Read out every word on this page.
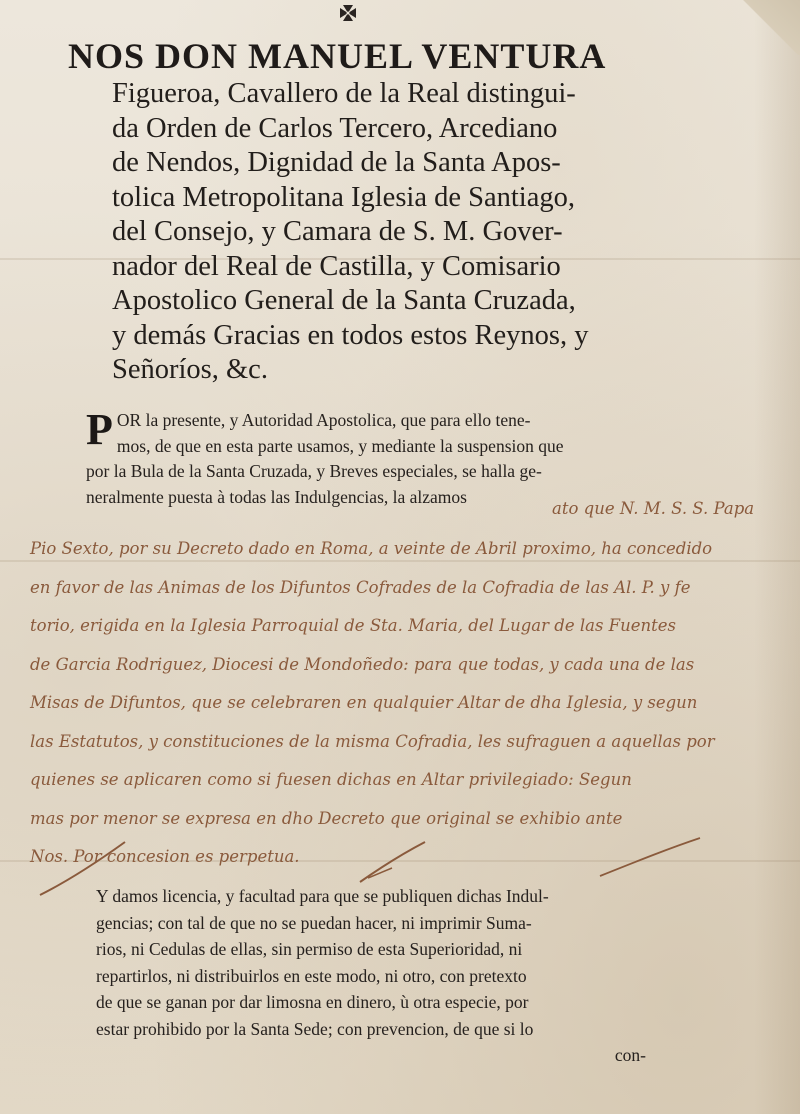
NOS DON MANUEL VENTURA
Figueroa, Cavallero de la Real distingui-
da Orden de Carlos Tercero, Arcediano
de Nendos, Dignidad de la Santa Apos-
tolica Metropolitana Iglesia de Santiago,
del Consejo, y Camara de S. M. Gover-
nador del Real de Castilla, y Comisario
Apostolico General de la Santa Cruzada,
y demás Gracias en todos estos Reynos, y
Señoríos, &c.
P OR la presente, y Autoridad Apostolica, que para ello tene-
mos, de que en esta parte usamos, y mediante la suspension que
por la Bula de la Santa Cruzada, y Breves especiales, se halla ge-
neralmente puesta à todas las Indulgencias, la alzamos
ato que N. M. S. S. Papa
Pio Sexto, por su Decreto dado en Roma, a veinte de Abril proximo, ha concedido
en favor de las Animas de los Difuntos Cofrades de la Cofradia de las Al. P. y fe
torio, erigida en la Iglesia Parroquial de Sta. Maria, del Lugar de las Fuentes
de Garcia Rodriguez, Diocesi de Mondoñedo: para que todas, y cada una de las
Misas de Difuntos, que se celebraren en qualquier Altar de dha Iglesia, y segun
las Estatutos, y constituciones de la misma Cofradia, les sufraguen a aquellas por
quienes se aplicaren como si fuesen dichas en Altar privilegiado: Segun
mas por menor se expresa en dho Decreto que original se exhibio ante
Nos. Por concesion es perpetua.
Y damos licencia, y facultad para que se publiquen dichas Indul-
gencias; con tal de que no se puedan hacer, ni imprimir Suma-
rios, ni Cedulas de ellas, sin permiso de esta Superioridad, ni
repartirlos, ni distribuirlos en este modo, ni otro, con pretexto
de que se ganan por dar limosna en dinero, ù otra especie, por
estar prohibido por la Santa Sede; con prevencion, de que si lo
con-
